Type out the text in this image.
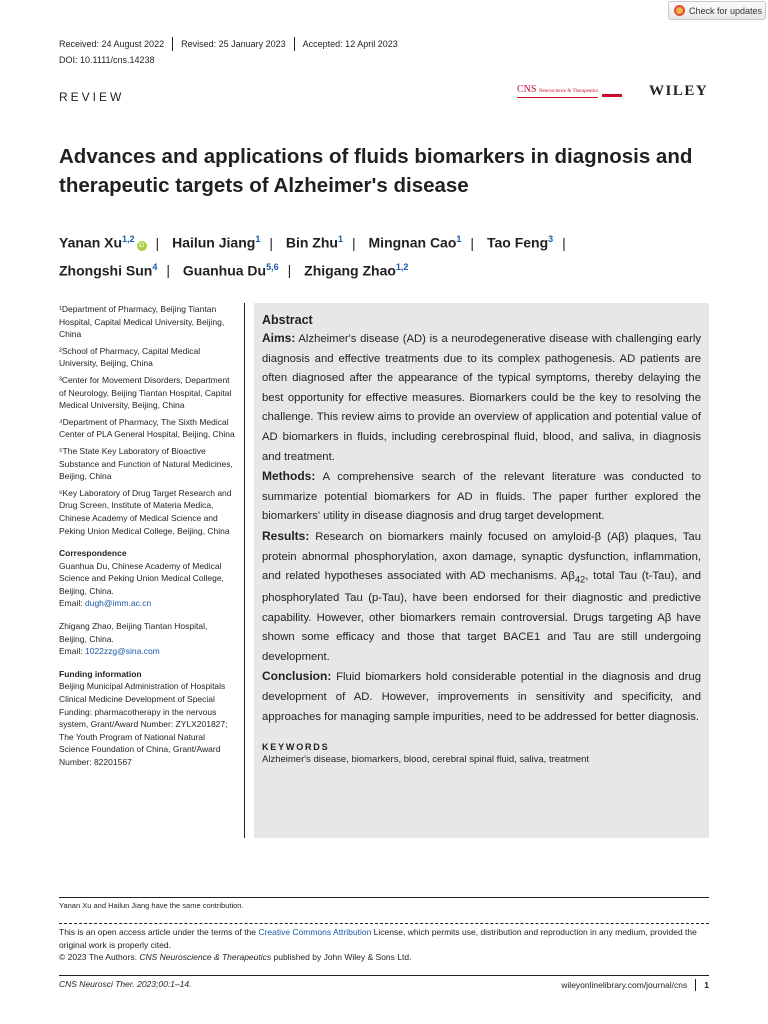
Check for updates
Received: 24 August 2022 Revised: 25 January 2023 Accepted: 12 April 2023
DOI: 10.1111/cns.14238
REVIEW
CNS Neuroscience & Therapeutics	WILEY
Advances and applications of fluids biomarkers in diagnosis and therapeutic targets of Alzheimer's disease
Yanan Xu$^{1,2}$iD | Hailun Jiang$^1$ | Bin Zhu$^1$ | Mingnan Cao$^1$ | Tao Feng$^3$ |
Zhongshi Sun$^4$ | Guanhua Du$^{5,6}$ | Zhigang Zhao$^{1,2}$

¹Department of Pharmacy, Beijing Tiantan Hospital, Capital Medical University, Beijing, China

²School of Pharmacy, Capital Medical University, Beijing, China

³Center for Movement Disorders, Department of Neurology, Beijing Tiantan Hospital, Capital Medical University, Beijing, China

⁴Department of Pharmacy, The Sixth Medical Center of PLA General Hospital, Beijing, China

⁵The State Key Laboratory of Bioactive Substance and Function of Natural Medicines, Beijing, China

⁶Key Laboratory of Drug Target Research and Drug Screen, Institute of Materia Medica, Chinese Academy of Medical Science and Peking Union Medical College, Beijing, China

Correspondence

Guanhua Du, Chinese Academy of Medical Science and Peking Union Medical College, Beijing, China.
Email: dugh@imm.ac.cn

Zhigang Zhao, Beijing Tiantan Hospital, Beijing, China.
Email: 1022zzg@sina.com

Funding information

Beijing Municipal Administration of Hospitals Clinical Medicine Development of Special Funding: pharmacotherapy in the nervous system, Grant/Award Number: ZYLX201827; The Youth Program of National Natural Science Foundation of China, Grant/Award Number: 82201567

Abstract

Aims: Alzheimer's disease (AD) is a neurodegenerative disease with challenging early diagnosis and effective treatments due to its complex pathogenesis. AD patients are often diagnosed after the appearance of the typical symptoms, thereby delaying the best opportunity for effective measures. Biomarkers could be the key to resolving the challenge. This review aims to provide an overview of application and potential value of AD biomarkers in fluids, including cerebrospinal fluid, blood, and saliva, in diagnosis and treatment.

Methods: A comprehensive search of the relevant literature was conducted to summarize potential biomarkers for AD in fluids. The paper further explored the biomarkers' utility in disease diagnosis and drug target development.

Results: Research on biomarkers mainly focused on amyloid-β (Aβ) plaques, Tau protein abnormal phosphorylation, axon damage, synaptic dysfunction, inflammation, and related hypotheses associated with AD mechanisms. $A\beta_{42}$, total Tau (t-Tau), and phosphorylated Tau (p-Tau), have been endorsed for their diagnostic and predictive capability. However, other biomarkers remain controversial. Drugs targeting Aβ have shown some efficacy and those that target BACE1 and Tau are still undergoing development.

Conclusion: Fluid biomarkers hold considerable potential in the diagnosis and drug development of AD. However, improvements in sensitivity and specificity, and approaches for managing sample impurities, need to be addressed for better diagnosis.

KEYWORDS
Alzheimer's disease, biomarkers, blood, cerebral spinal fluid, saliva, treatment
Yanan Xu and Hailun Jiang have the same contribution.
This is an open access article under the terms of the Creative Commons Attribution License, which permits use, distribution and reproduction in any medium, provided the original work is properly cited.
© 2023 The Authors. CNS Neuroscience & Therapeutics published by John Wiley & Sons Ltd.
CNS Neurosci Ther. 2023;00:1–14.	wileyonlinelibrary.com/journal/cns 1
